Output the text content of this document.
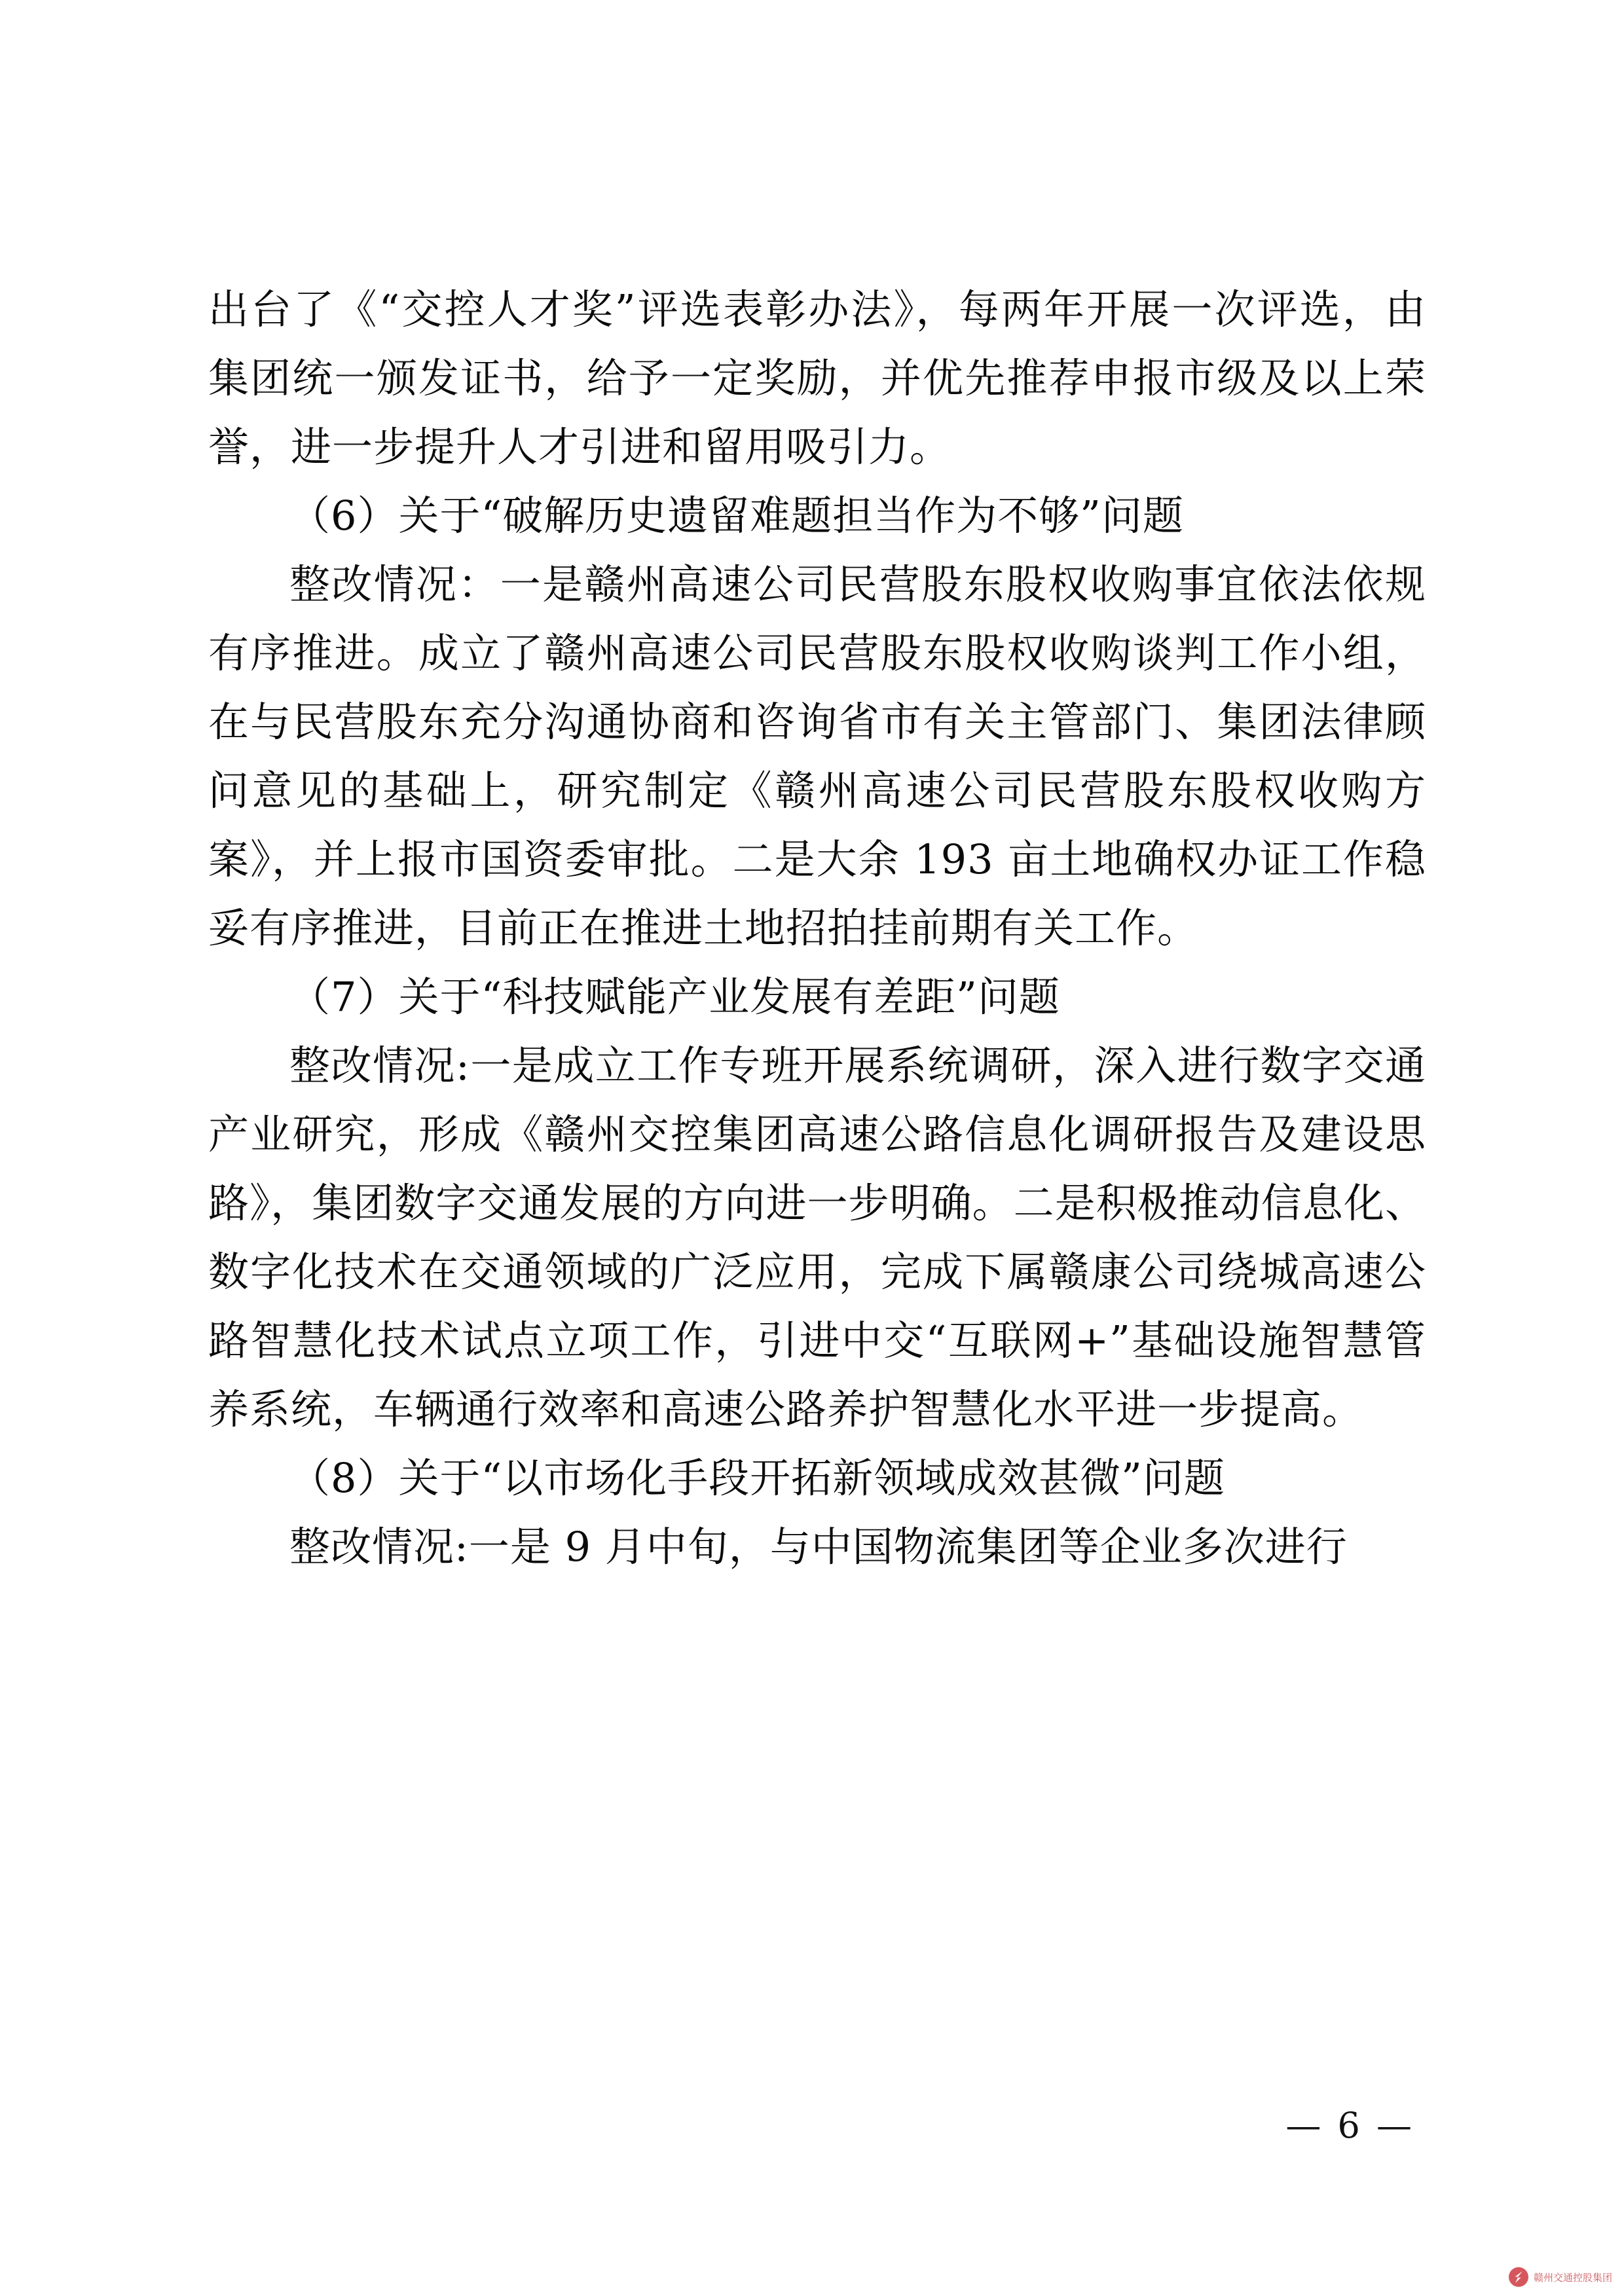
出台了《“交控人才奖”评选表彰办法》，每两年开展一次评选，由集团统一颁发证书，给予一定奖励，并优先推荐申报市级及以上荣誉，进一步提升人才引进和留用吸引力。

（6）关于“破解历史遗留难题担当作为不够”问题

整改情况：一是赣州高速公司民营股东股权收购事宜依法依规有序推进。成立了赣州高速公司民营股东股权收购谈判工作小组，在与民营股东充分沟通协商和咨询省市有关主管部门、集团法律顾问意见的基础上，研究制定《赣州高速公司民营股东股权收购方案》，并上报市国资委审批。二是大余 193 亩土地确权办证工作稳妥有序推进，目前正在推进土地招拍挂前期有关工作。

（7）关于“科技赋能产业发展有差距”问题

整改情况:一是成立工作专班开展系统调研，深入进行数字交通产业研究，形成《赣州交控集团高速公路信息化调研报告及建设思路》，集团数字交通发展的方向进一步明确。二是积极推动信息化、数字化技术在交通领域的广泛应用，完成下属赣康公司绕城高速公路智慧化技术试点立项工作，引进中交“互联网+”基础设施智慧管养系统，车辆通行效率和高速公路养护智慧化水平进一步提高。

（8）关于“以市场化手段开拓新领域成效甚微”问题

整改情况:一是 9 月中旬，与中国物流集团等企业多次进行

— 6 —
赣州交通控股集团
